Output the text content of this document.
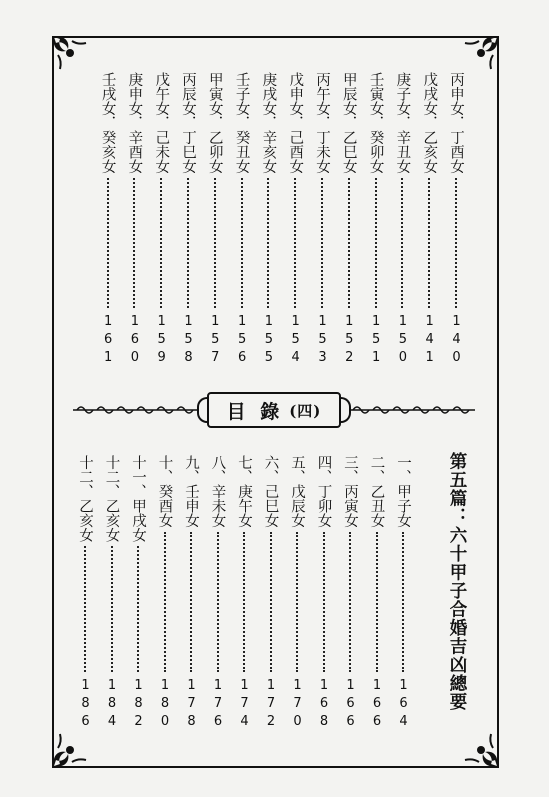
丙申女．丁酉女
140
戊戌女．乙亥女
141
庚子女．辛丑女
150
壬寅女．癸卯女
151
甲辰女．乙巳女
152
丙午女．丁未女
153
戊申女．己酉女
154
庚戌女．辛亥女
155
壬子女．癸丑女
156
甲寅女．乙卯女
157
丙辰女．丁巳女
158
戊午女．己未女
159
庚申女．辛酉女
160
壬戌女．癸亥女
161
目 錄 (四)
第五篇：六十甲子合婚吉凶總要
一、甲子女
164
二、乙丑女
166
三、丙寅女
166
四、丁卯女
168
五、戊辰女
170
六、己巳女
172
七、庚午女
174
八、辛未女
176
九、壬申女
178
十、癸酉女
180
十一、甲戌女
182
十二、乙亥女
184
十二、乙亥女
186
